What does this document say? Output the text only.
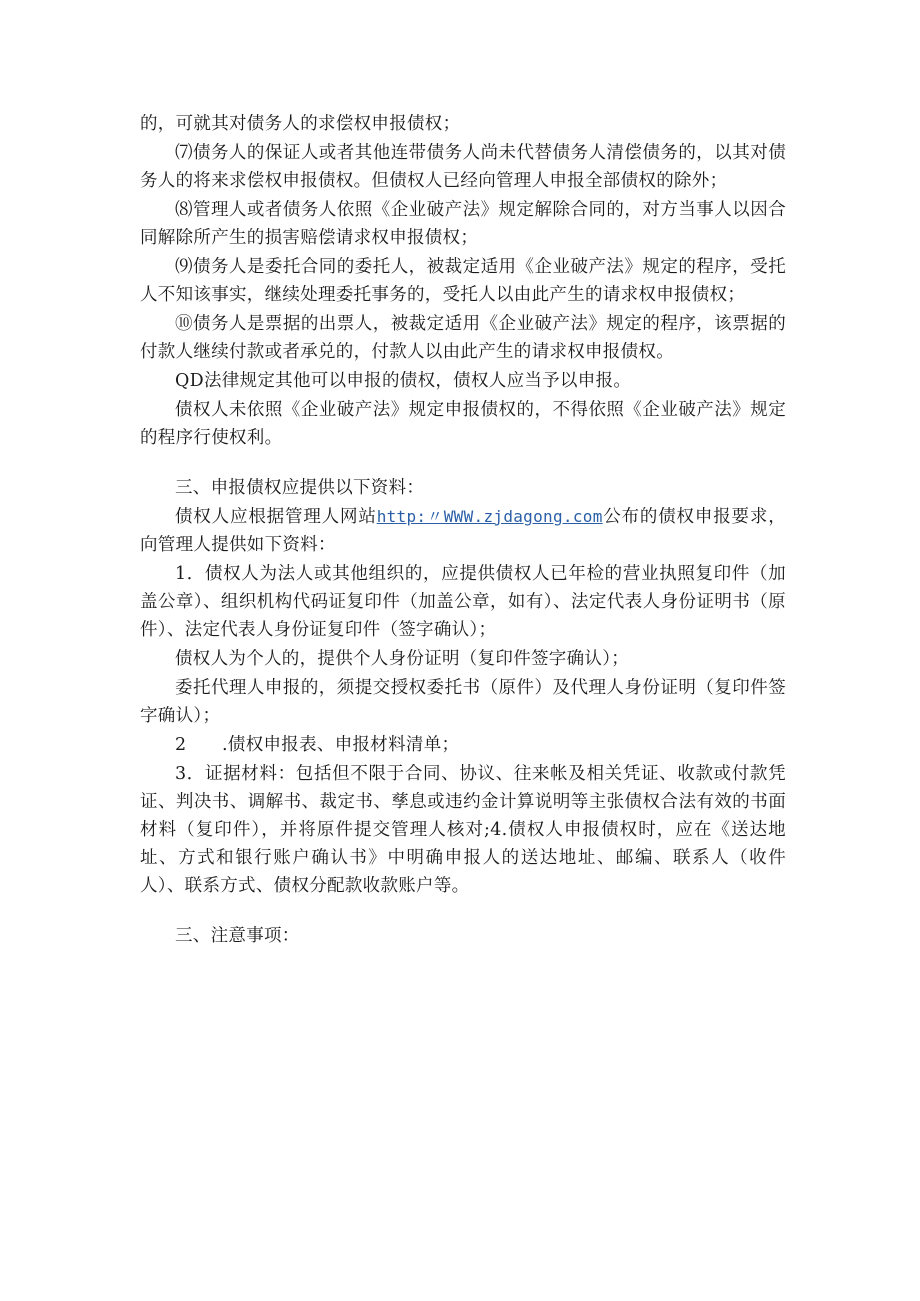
的，可就其对债务人的求偿权申报债权；

⑺债务人的保证人或者其他连带债务人尚未代替债务人清偿债务的，以其对债务人的将来求偿权申报债权。但债权人已经向管理人申报全部债权的除外；

⑻管理人或者债务人依照《企业破产法》规定解除合同的，对方当事人以因合同解除所产生的损害赔偿请求权申报债权；

⑼债务人是委托合同的委托人，被裁定适用《企业破产法》规定的程序，受托人不知该事实，继续处理委托事务的，受托人以由此产生的请求权申报债权；

⑩债务人是票据的出票人，被裁定适用《企业破产法》规定的程序，该票据的付款人继续付款或者承兑的，付款人以由此产生的请求权申报债权。

QD法律规定其他可以申报的债权，债权人应当予以申报。

债权人未依照《企业破产法》规定申报债权的，不得依照《企业破产法》规定的程序行使权利。

三、申报债权应提供以下资料：

债权人应根据管理人网站http:〃WWW.zjdagong.com公布的债权申报要求，向管理人提供如下资料：

1．债权人为法人或其他组织的，应提供债权人已年检的营业执照复印件（加盖公章）、组织机构代码证复印件（加盖公章，如有）、法定代表人身份证明书（原件）、法定代表人身份证复印件（签字确认）；

债权人为个人的，提供个人身份证明（复印件签字确认）；

委托代理人申报的，须提交授权委托书（原件）及代理人身份证明（复印件签字确认）；

2　　.债权申报表、申报材料清单；

3．证据材料：包括但不限于合同、协议、往来帐及相关凭证、收款或付款凭证、判决书、调解书、裁定书、孳息或违约金计算说明等主张债权合法有效的书面材料（复印件），并将原件提交管理人核对;4.债权人申报债权时，应在《送达地址、方式和银行账户确认书》中明确申报人的送达地址、邮编、联系人（收件人）、联系方式、债权分配款收款账户等。

三、注意事项：
